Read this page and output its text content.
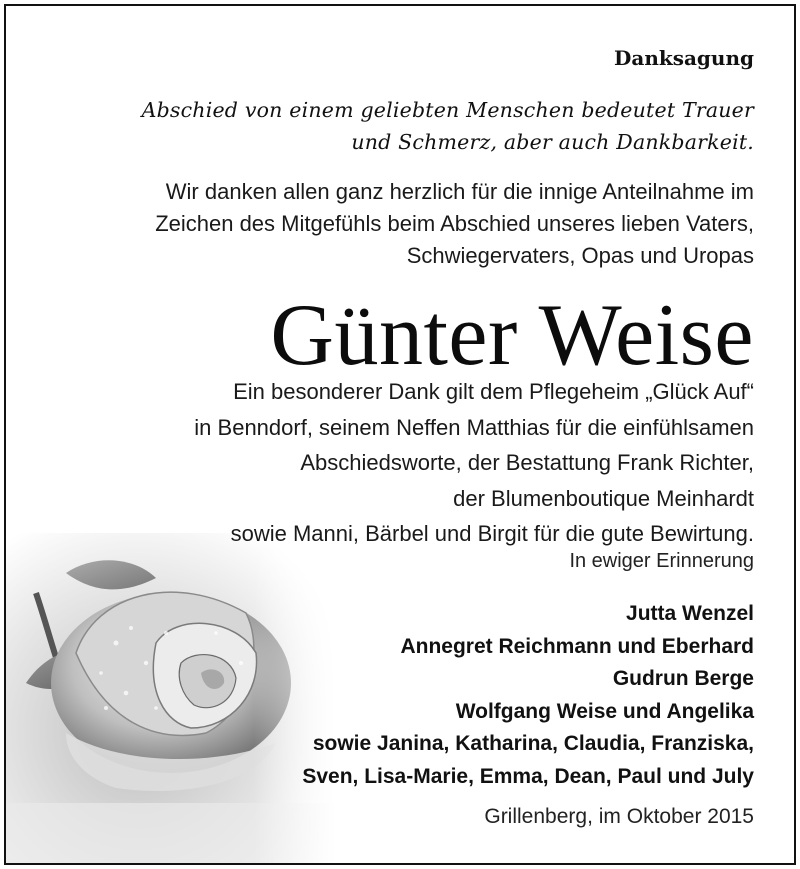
Danksagung
Abschied von einem geliebten Menschen bedeutet Trauer
und Schmerz, aber auch Dankbarkeit.
Wir danken allen ganz herzlich für die innige Anteilnahme im
Zeichen des Mitgefühls beim Abschied unseres lieben Vaters,
Schwiegervaters, Opas und Uropas
Günter Weise
Ein besonderer Dank gilt dem Pflegeheim „Glück Auf“
in Benndorf, seinem Neffen Matthias für die einfühlsamen
Abschiedsworte, der Bestattung Frank Richter,
der Blumenboutique Meinhardt
sowie Manni, Bärbel und Birgit für die gute Bewirtung.
In ewiger Erinnerung
Jutta Wenzel
Annegret Reichmann und Eberhard
Gudrun Berge
Wolfgang Weise und Angelika
sowie Janina, Katharina, Claudia, Franziska,
Sven, Lisa-Marie, Emma, Dean, Paul und July
Grillenberg, im Oktober 2015
